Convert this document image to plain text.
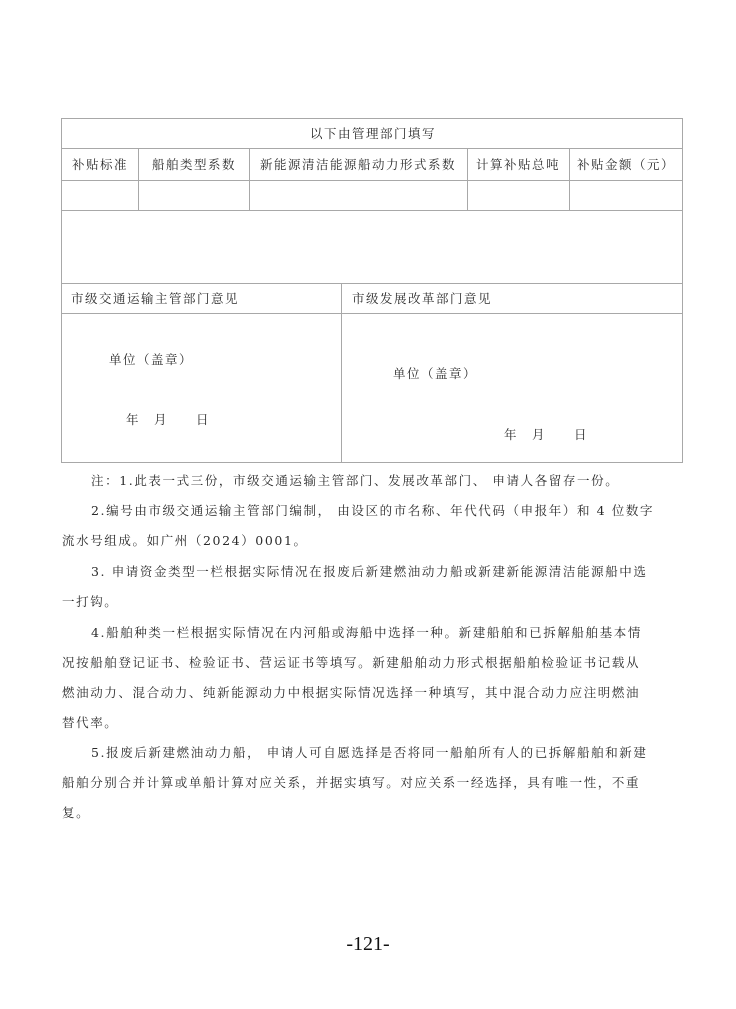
以下由管理部门填写
补贴标准 船舶类型系数 新能源清洁能源船动力形式系数 计算补贴总吨 补贴金额（元）
市级交通运输主管部门意见	市级发展改革部门意见
单位（盖章）
年　月　　日
单位（盖章）
年　月　　日
注：1.此表一式三份，市级交通运输主管部门、发展改革部门、 申请人各留存一份。
2.编号由市级交通运输主管部门编制， 由设区的市名称、年代代码（申报年）和 4 位数字
流水号组成。如广州（2024）0001。
3. 申请资金类型一栏根据实际情况在报废后新建燃油动力船或新建新能源清洁能源船中选
一打钩。
4.船舶种类一栏根据实际情况在内河船或海船中选择一种。新建船舶和已拆解船舶基本情
况按船舶登记证书、检验证书、营运证书等填写。新建船舶动力形式根据船舶检验证书记载从
燃油动力、混合动力、纯新能源动力中根据实际情况选择一种填写，其中混合动力应注明燃油
替代率。
5.报废后新建燃油动力船， 申请人可自愿选择是否将同一船舶所有人的已拆解船舶和新建
船舶分别合并计算或单船计算对应关系，并据实填写。对应关系一经选择，具有唯一性，不重
复。
-121-
